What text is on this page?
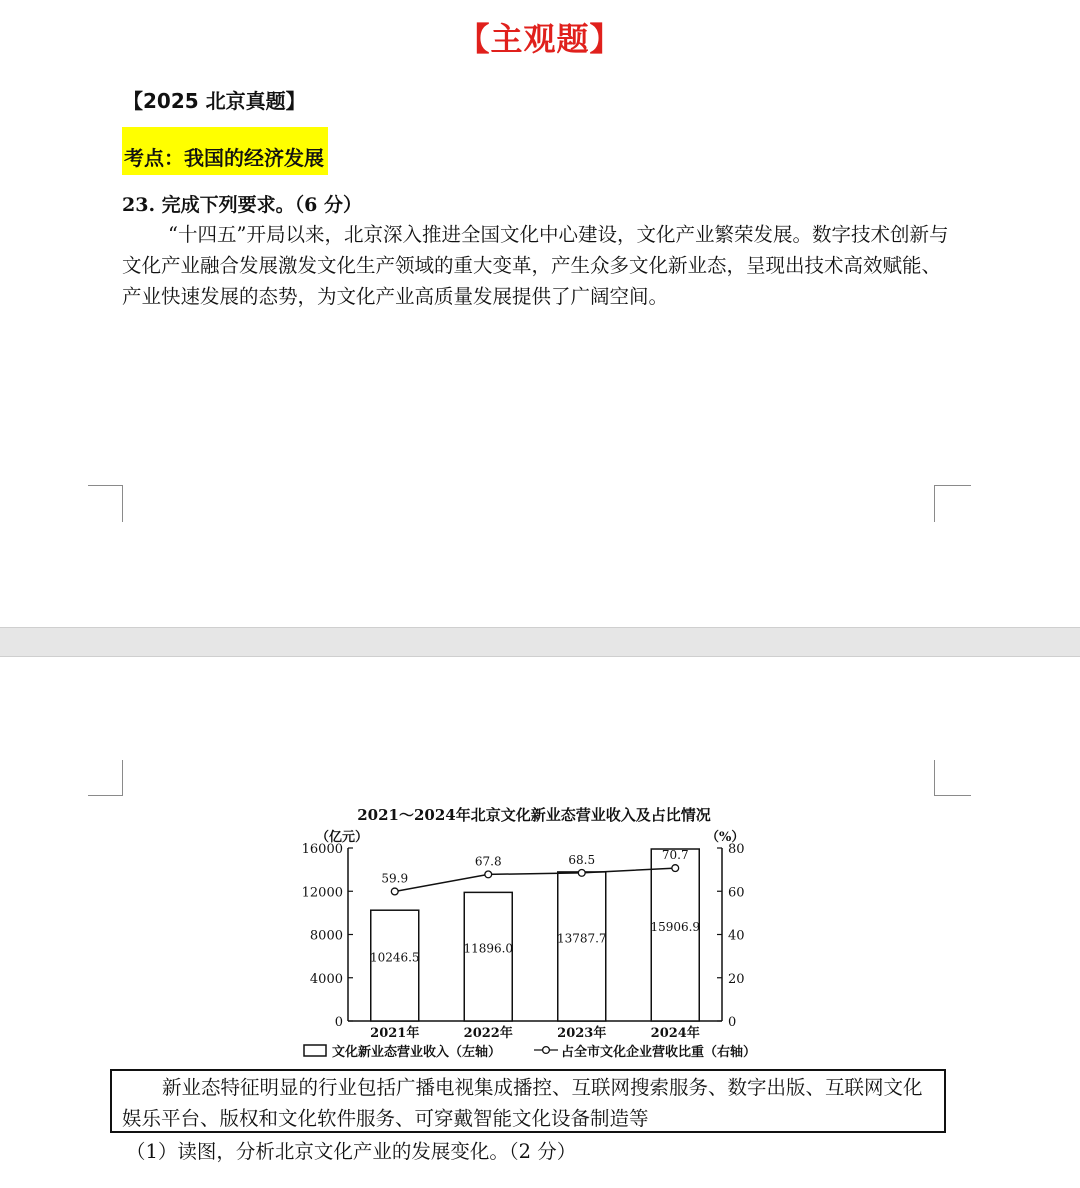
【主观题】
【2025 北京真题】
考点：我国的经济发展
23. 完成下列要求。（6 分）
“十四五”开局以来，北京深入推进全国文化中心建设，文化产业繁荣发展。数字技术创新与文化产业融合发展激发文化生产领域的重大变革，产生众多文化新业态，呈现出技术高效赋能、产业快速发展的态势，为文化产业高质量发展提供了广阔空间。
2021～2024年北京文化新业态营业收入及占比情况
（亿元）	（%）
0
4000
8000
12000
16000
0
20
40
60
80
10246.5
2021年
11896.0
2022年
13787.7
2023年
15906.9
2024年
59.9
67.8	68.5	70.7
文化新业态营业收入（左轴）	占全市文化企业营收比重（右轴）
新业态特征明显的行业包括广播电视集成播控、互联网搜索服务、数字出版、互联网文化娱乐平台、版权和文化软件服务、可穿戴智能文化设备制造等
（1）读图，分析北京文化产业的发展变化。（2 分）
